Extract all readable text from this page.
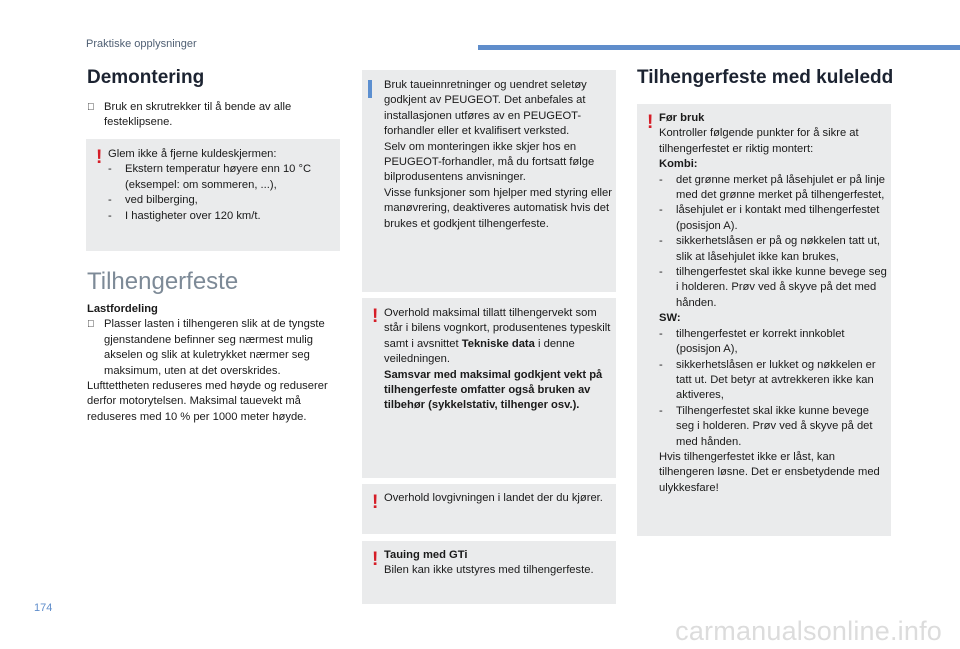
Praktiske opplysninger
174
carmanualsonline.info
Demontering
Bruk en skrutrekker til å bende av alle festeklipsene.
! Glem ikke å fjerne kuldeskjermen:
- Ekstern temperatur høyere enn 10 °C (eksempel: om sommeren, ...),
- ved bilberging,
- I hastigheter over 120 km/t.
Tilhengerfeste
Lastfordeling
Plasser lasten i tilhengeren slik at de tyngste gjenstandene befinner seg nærmest mulig akselen og slik at kuletrykket nærmer seg maksimum, uten at det overskrides.
Lufttettheten reduseres med høyde og reduserer derfor motorytelsen. Maksimal tauevekt må reduseres med 10 % per 1000 meter høyde.
Bruk taueinnretninger og uendret seletøy godkjent av PEUGEOT. Det anbefales at installasjonen utføres av en PEUGEOT-forhandler eller et kvalifisert verksted.
Selv om monteringen ikke skjer hos en PEUGEOT-forhandler, må du fortsatt følge bilprodusentens anvisninger.
Visse funksjoner som hjelper med styring eller manøvrering, deaktiveres automatisk hvis det brukes et godkjent tilhengerfeste.
! Overhold maksimal tillatt tilhengervekt som står i bilens vognkort, produsentenes typeskilt samt i avsnittet Tekniske data i denne veiledningen.
Samsvar med maksimal godkjent vekt på tilhengerfeste omfatter også bruken av tilbehør (sykkelstativ, tilhenger osv.).
! Overhold lovgivningen i landet der du kjører.
! Tauing med GTi
Bilen kan ikke utstyres med tilhengerfeste.
Tilhengerfeste med kuleledd
! Før bruk
Kontroller følgende punkter for å sikre at tilhengerfestet er riktig montert:
Kombi:
- det grønne merket på låsehjulet er på linje med det grønne merket på tilhengerfestet,
- låsehjulet er i kontakt med tilhengerfestet (posisjon A).
- sikkerhetslåsen er på og nøkkelen tatt ut, slik at låsehjulet ikke kan brukes,
- tilhengerfestet skal ikke kunne bevege seg i holderen. Prøv ved å skyve på det med hånden.
SW:
- tilhengerfestet er korrekt innkoblet (posisjon A),
- sikkerhetslåsen er lukket og nøkkelen er tatt ut. Det betyr at avtrekkeren ikke kan aktiveres,
- Tilhengerfestet skal ikke kunne bevege seg i holderen. Prøv ved å skyve på det med hånden.
Hvis tilhengerfestet ikke er låst, kan tilhengeren løsne. Det er ensbetydende med ulykkesfare!
